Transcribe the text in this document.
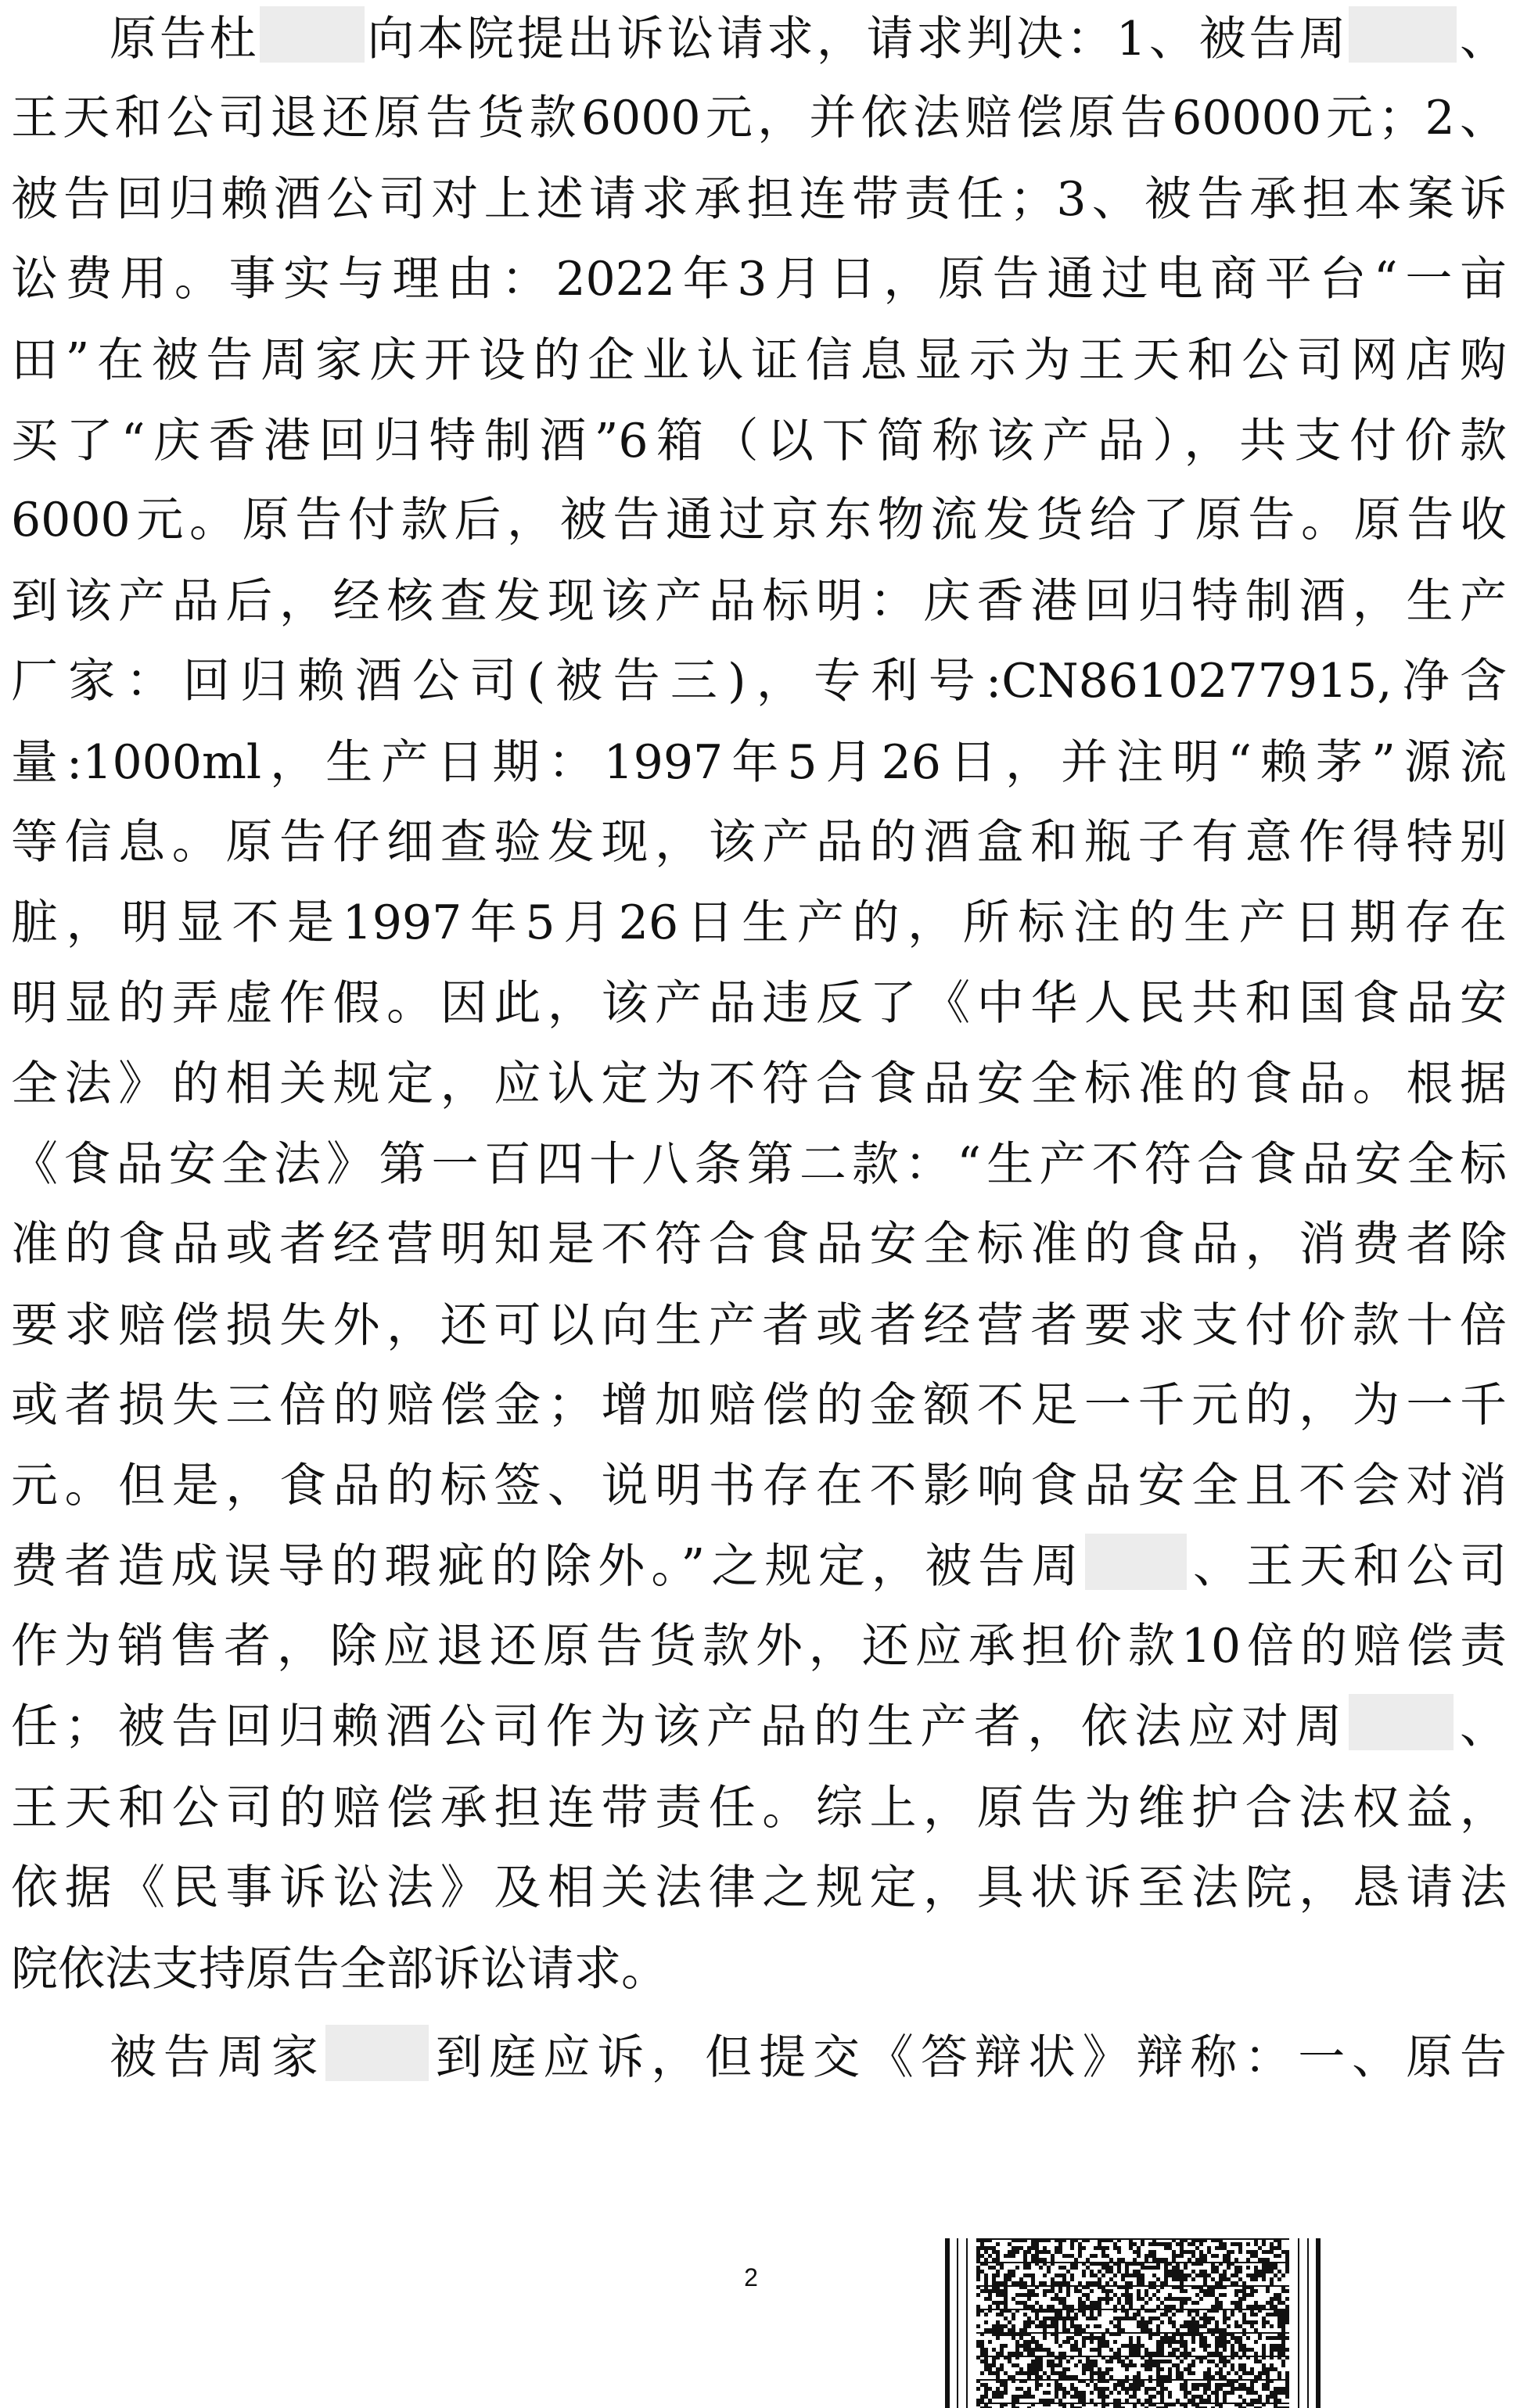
原告杜 向本院提出诉讼请求，请求判决：1、被告周 、
王天和公司退还原告货款6000元，并依法赔偿原告60000元；2、
被告回归赖酒公司对上述请求承担连带责任；3、被告承担本案诉
讼费用。事实与理由：2022年3月日，原告通过电商平台“一亩
田”在被告周家庆开设的企业认证信息显示为王天和公司网店购
买了“庆香港回归特制酒”6箱（以下简称该产品），共支付价款
6000元。原告付款后，被告通过京东物流发货给了原告。原告收
到该产品后，经核查发现该产品标明：庆香港回归特制酒，生产
厂家：回归赖酒公司(被告三)，专利号:CN8610277915,净含
量:1000ml，生产日期：1997年5月26日，并注明“赖茅”源流
等信息。原告仔细查验发现，该产品的酒盒和瓶子有意作得特别
脏，明显不是1997年5月26日生产的，所标注的生产日期存在
明显的弄虚作假。因此，该产品违反了《中华人民共和国食品安
全法》的相关规定，应认定为不符合食品安全标准的食品。根据
《食品安全法》第一百四十八条第二款：“生产不符合食品安全标
准的食品或者经营明知是不符合食品安全标准的食品，消费者除
要求赔偿损失外，还可以向生产者或者经营者要求支付价款十倍
或者损失三倍的赔偿金；增加赔偿的金额不足一千元的，为一千
元。但是，食品的标签、说明书存在不影响食品安全且不会对消
费者造成误导的瑕疵的除外。”之规定，被告周 、王天和公司
作为销售者，除应退还原告货款外，还应承担价款10倍的赔偿责
任；被告回归赖酒公司作为该产品的生产者，依法应对周 、
王天和公司的赔偿承担连带责任。综上，原告为维护合法权益，
依据《民事诉讼法》及相关法律之规定，具状诉至法院，恳请法
院依法支持原告全部诉讼请求。
被告周家 到庭应诉，但提交《答辩状》辩称：一、原告
2
